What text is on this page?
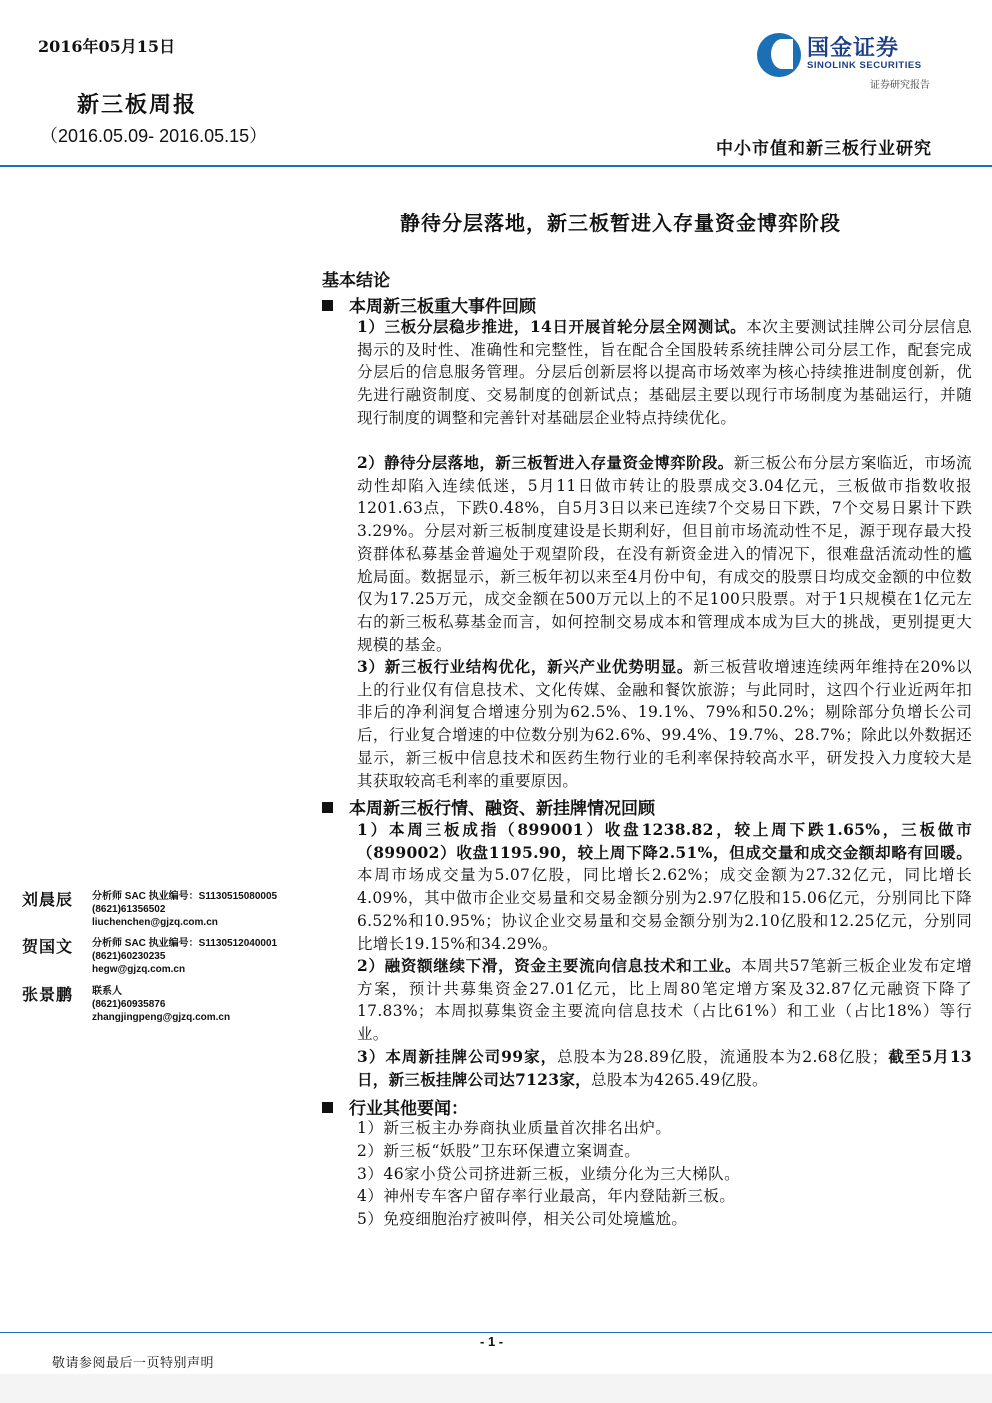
2016年05月15日	国金证券
SINOLINK SECURITIES
证券研究报告
新三板周报
（2016.05.09- 2016.05.15）
中小市值和新三板行业研究
静待分层落地，新三板暂进入存量资金博弈阶段
基本结论
本周新三板重大事件回顾
1）三板分层稳步推进，14日开展首轮分层全网测试。本次主要测试挂牌公司分层信息揭示的及时性、准确性和完整性，旨在配合全国股转系统挂牌公司分层工作，配套完成分层后的信息服务管理。分层后创新层将以提高市场效率为核心持续推进制度创新，优先进行融资制度、交易制度的创新试点；基础层主要以现行市场制度为基础运行，并随现行制度的调整和完善针对基础层企业特点持续优化。
2）静待分层落地，新三板暂进入存量资金博弈阶段。新三板公布分层方案临近，市场流动性却陷入连续低迷，5月11日做市转让的股票成交3.04亿元，三板做市指数收报1201.63点，下跌0.48%，自5月3日以来已连续7个交易日下跌，7个交易日累计下跌3.29%。分层对新三板制度建设是长期利好，但目前市场流动性不足，源于现存最大投资群体私募基金普遍处于观望阶段，在没有新资金进入的情况下，很难盘活流动性的尴尬局面。数据显示，新三板年初以来至4月份中旬，有成交的股票日均成交金额的中位数仅为17.25万元，成交金额在500万元以上的不足100只股票。对于1只规模在1亿元左右的新三板私募基金而言，如何控制交易成本和管理成本成为巨大的挑战，更别提更大规模的基金。
3）新三板行业结构优化，新兴产业优势明显。新三板营收增速连续两年维持在20%以上的行业仅有信息技术、文化传媒、金融和餐饮旅游；与此同时，这四个行业近两年扣非后的净利润复合增速分别为62.5%、19.1%、79%和50.2%；剔除部分负增长公司后，行业复合增速的中位数分别为62.6%、99.4%、19.7%、28.7%；除此以外数据还显示，新三板中信息技术和医药生物行业的毛利率保持较高水平，研发投入力度较大是其获取较高毛利率的重要原因。
本周新三板行情、融资、新挂牌情况回顾
1）本周三板成指（899001）收盘1238.82，较上周下跌1.65%，三板做市（899002）收盘1195.90，较上周下降2.51%，但成交量和成交金额却略有回暖。本周市场成交量为5.07亿股，同比增长2.62%；成交金额为27.32亿元，同比增长4.09%，其中做市企业交易量和交易金额分别为2.97亿股和15.06亿元，分别同比下降6.52%和10.95%；协议企业交易量和交易金额分别为2.10亿股和12.25亿元，分别同比增长19.15%和34.29%。
2）融资额继续下滑，资金主要流向信息技术和工业。本周共57笔新三板企业发布定增方案，预计共募集资金27.01亿元，比上周80笔定增方案及32.87亿元融资下降了17.83%；本周拟募集资金主要流向信息技术（占比61%）和工业（占比18%）等行业。
3）本周新挂牌公司99家，总股本为28.89亿股，流通股本为2.68亿股；截至5月13日，新三板挂牌公司达7123家，总股本为4265.49亿股。
行业其他要闻：
1）新三板主办券商执业质量首次排名出炉。
2）新三板“妖股”卫东环保遭立案调查。
3）46家小贷公司挤进新三板，业绩分化为三大梯队。
4）神州专车客户留存率行业最高，年内登陆新三板。
5）免疫细胞治疗被叫停，相关公司处境尴尬。
刘晨辰	分析师 SAC 执业编号：S1130515080005
(8621)61356502
liuchenchen@gjzq.com.cn
贺国文	分析师 SAC 执业编号：S1130512040001
(8621)60230235
hegw@gjzq.com.cn
张景鹏	联系人
(8621)60935876
zhangjingpeng@gjzq.com.cn
- 1 -
敬请参阅最后一页特别声明
